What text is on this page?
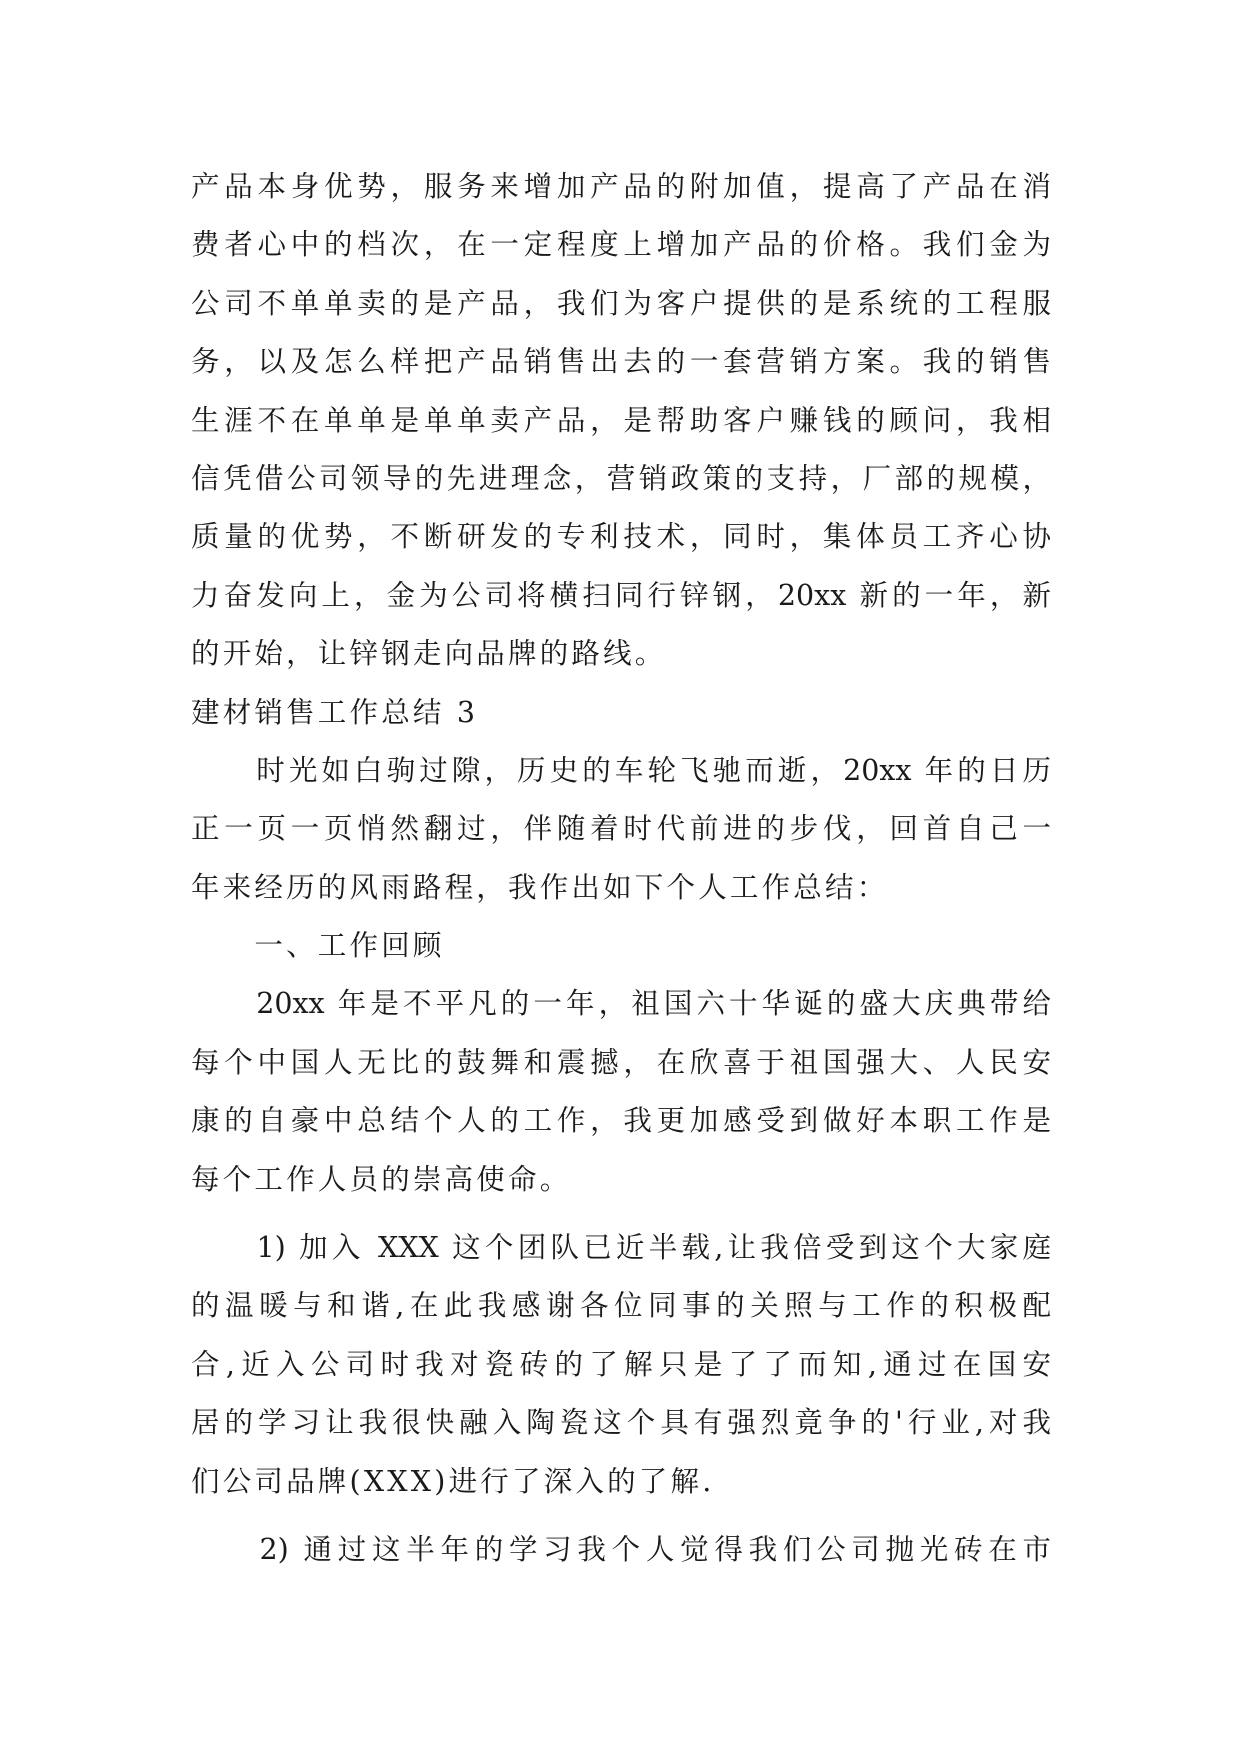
产品本身优势，服务来增加产品的附加值，提高了产品在消
费者心中的档次，在一定程度上增加产品的价格。我们金为
公司不单单卖的是产品，我们为客户提供的是系统的工程服
务，以及怎么样把产品销售出去的一套营销方案。我的销售
生涯不在单单是单单卖产品，是帮助客户赚钱的顾问，我相
信凭借公司领导的先进理念，营销政策的支持，厂部的规模，
质量的优势，不断研发的专利技术，同时，集体员工齐心协
力奋发向上，金为公司将横扫同行锌钢，20xx 新的一年，新
的开始，让锌钢走向品牌的路线。
建材销售工作总结 3
　　时光如白驹过隙，历史的车轮飞驰而逝，20xx 年的日历
正一页一页悄然翻过，伴随着时代前进的步伐，回首自己一
年来经历的风雨路程，我作出如下个人工作总结：
　　一、工作回顾
　　20xx 年是不平凡的一年，祖国六十华诞的盛大庆典带给
每个中国人无比的鼓舞和震撼，在欣喜于祖国强大、人民安
康的自豪中总结个人的工作，我更加感受到做好本职工作是
每个工作人员的崇高使命。
　　1) 加入 XXX 这个团队已近半载,让我倍受到这个大家庭
的温暖与和谐,在此我感谢各位同事的关照与工作的积极配
合,近入公司时我对瓷砖的了解只是了了而知,通过在国安
居的学习让我很快融入陶瓷这个具有强烈竟争的'行业,对我
们公司品牌(XXX)进行了深入的了解.
　　2) 通过这半年的学习我个人觉得我们公司抛光砖在市
